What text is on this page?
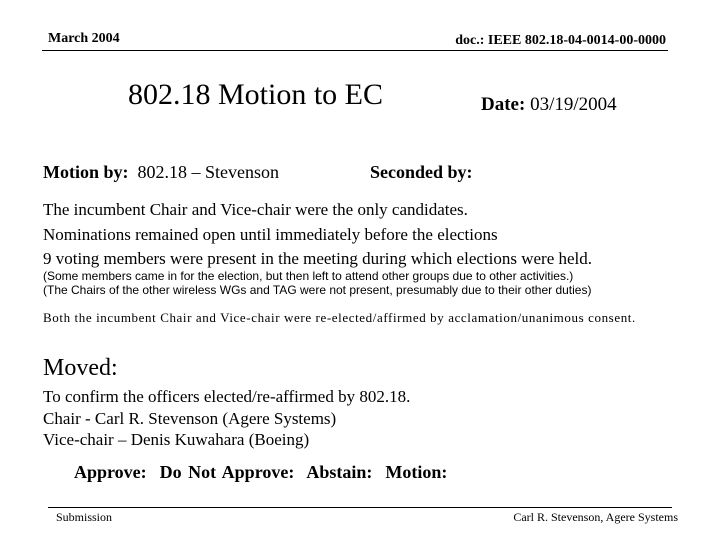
March 2004	doc.: IEEE 802.18-04-0014-00-0000
802.18 Motion to EC	Date: 03/19/2004
Motion by:  802.18 – Stevenson	Seconded by:
The incumbent Chair and Vice-chair were the only candidates.
Nominations remained open until immediately before the elections
9 voting members were present in the meeting during which elections were held.
(Some members came in for the election, but then left to attend other groups due to other activities.)
(The Chairs of the other wireless WGs and TAG were not present, presumably due to their other duties)
Both the incumbent Chair and Vice-chair were re-elected/affirmed by acclamation/unanimous consent.
Moved:
To confirm the officers elected/re-affirmed by 802.18.
Chair - Carl R. Stevenson (Agere Systems)
Vice-chair – Denis Kuwahara (Boeing)
Approve:  Do Not Approve:  Abstain:  Motion:
Submission	Carl R. Stevenson, Agere Systems
